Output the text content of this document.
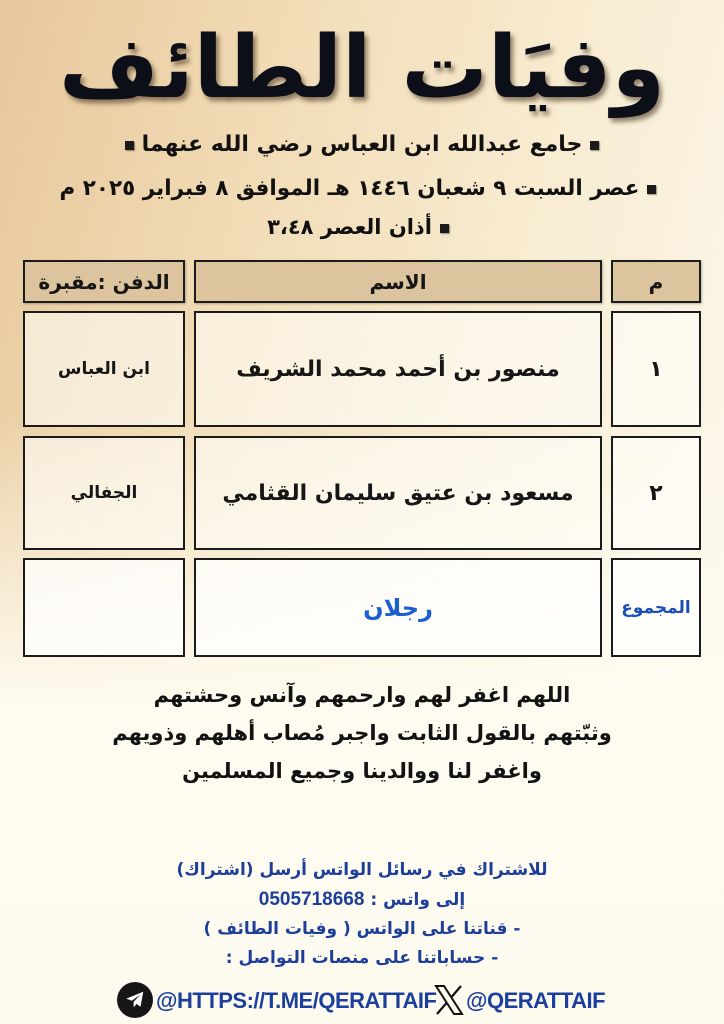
وفيَات الطائف
جامع عبدالله ابن العباس رضي الله عنهما
عصر السبت ٩ شعبان ١٤٤٦ هـ الموافق ٨ فبراير ٢٠٢٥ م
أذان العصر ٣،٤٨
م
الاسم
الدفن :مقبرة
١
منصور بن أحمد محمد الشريف
ابن العباس
٢
مسعود بن عتيق سليمان القثامي
الجفالي
المجموع
رجلان
اللهم اغفر لهم وارحمهم وآنس وحشتهم
وثبّتهم بالقول الثابت واجبر مُصاب أهلهم وذويهم
واغفر لنا ووالدينا وجميع المسلمين
للاشتراك في رسائل الواتس أرسل (اشتراك)
إلى واتس : 0505718668
- قناتنا على الواتس ( وفيات الطائف )
- حساباتنا على منصات التواصل :
@HTTPS://T.ME/QERATTAIF @QERATTAIF
